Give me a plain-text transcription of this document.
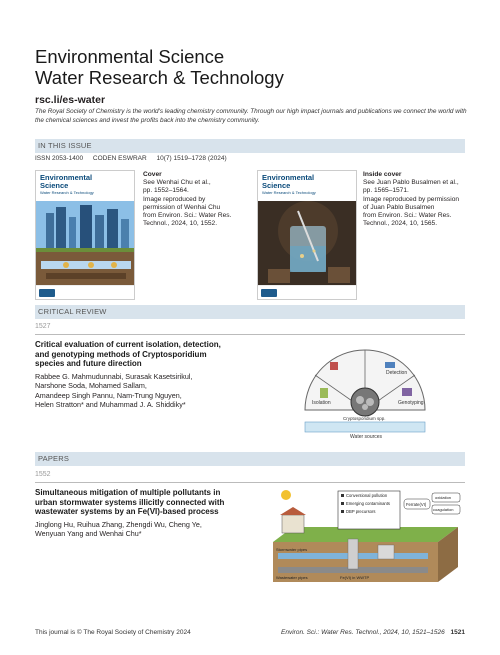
Environmental Science
Water Research & Technology
rsc.li/es-water
The Royal Society of Chemistry is the world's leading chemistry community. Through our high impact journals and publications we connect the world with the chemical sciences and invest the profits back into the chemistry community.
IN THIS ISSUE
ISSN 2053-1400 CODEN ESWRAR 10(7) 1519–1728 (2024)
Environmental
Science
Water Research & Technology
Cover
See Wenhai Chu et al.,
pp. 1552–1564.
Image reproduced by
permission of Wenhai Chu
from Environ. Sci.: Water Res.
Technol., 2024, 10, 1552.
Environmental
Science
Water Research & Technology
Inside cover
See Juan Pablo Busalmen et al.,
pp. 1565–1571.
Image reproduced by permission
of Juan Pablo Busalmen
from Environ. Sci.: Water Res.
Technol., 2024, 10, 1565.
CRITICAL REVIEW
1527
Critical evaluation of current isolation, detection,
and genotyping methods of Cryptosporidium
species and future direction
Rabbee G. Mahmudunnabi, Surasak Kasetsirikul,
Narshone Soda, Mohamed Sallam,
Amandeep Singh Pannu, Nam-Trung Nguyen,
Helen Stratton* and Muhammad J. A. Shiddiky*
Detection
Isolation	Genotyping
Cryptosporidium spp.
Water sources
PAPERS
1552
Simultaneous mitigation of multiple pollutants in
urban stormwater systems illicitly connected with
wastewater systems by an Fe(VI)-based process
Jinglong Hu, Ruihua Zhang, Zhengdi Wu, Cheng Ye,
Wenyuan Yang and Wenhai Chu*
Conventional pollution
Emerging contaminants
DBP precursors
Ferrate(VI)
oxidation
coagulation
Stormwater pipes
Wastewater pipes	Fe(VI) in WWTP
This journal is © The Royal Society of Chemistry 2024	Environ. Sci.: Water Res. Technol., 2024, 10, 1521–1526 1521
